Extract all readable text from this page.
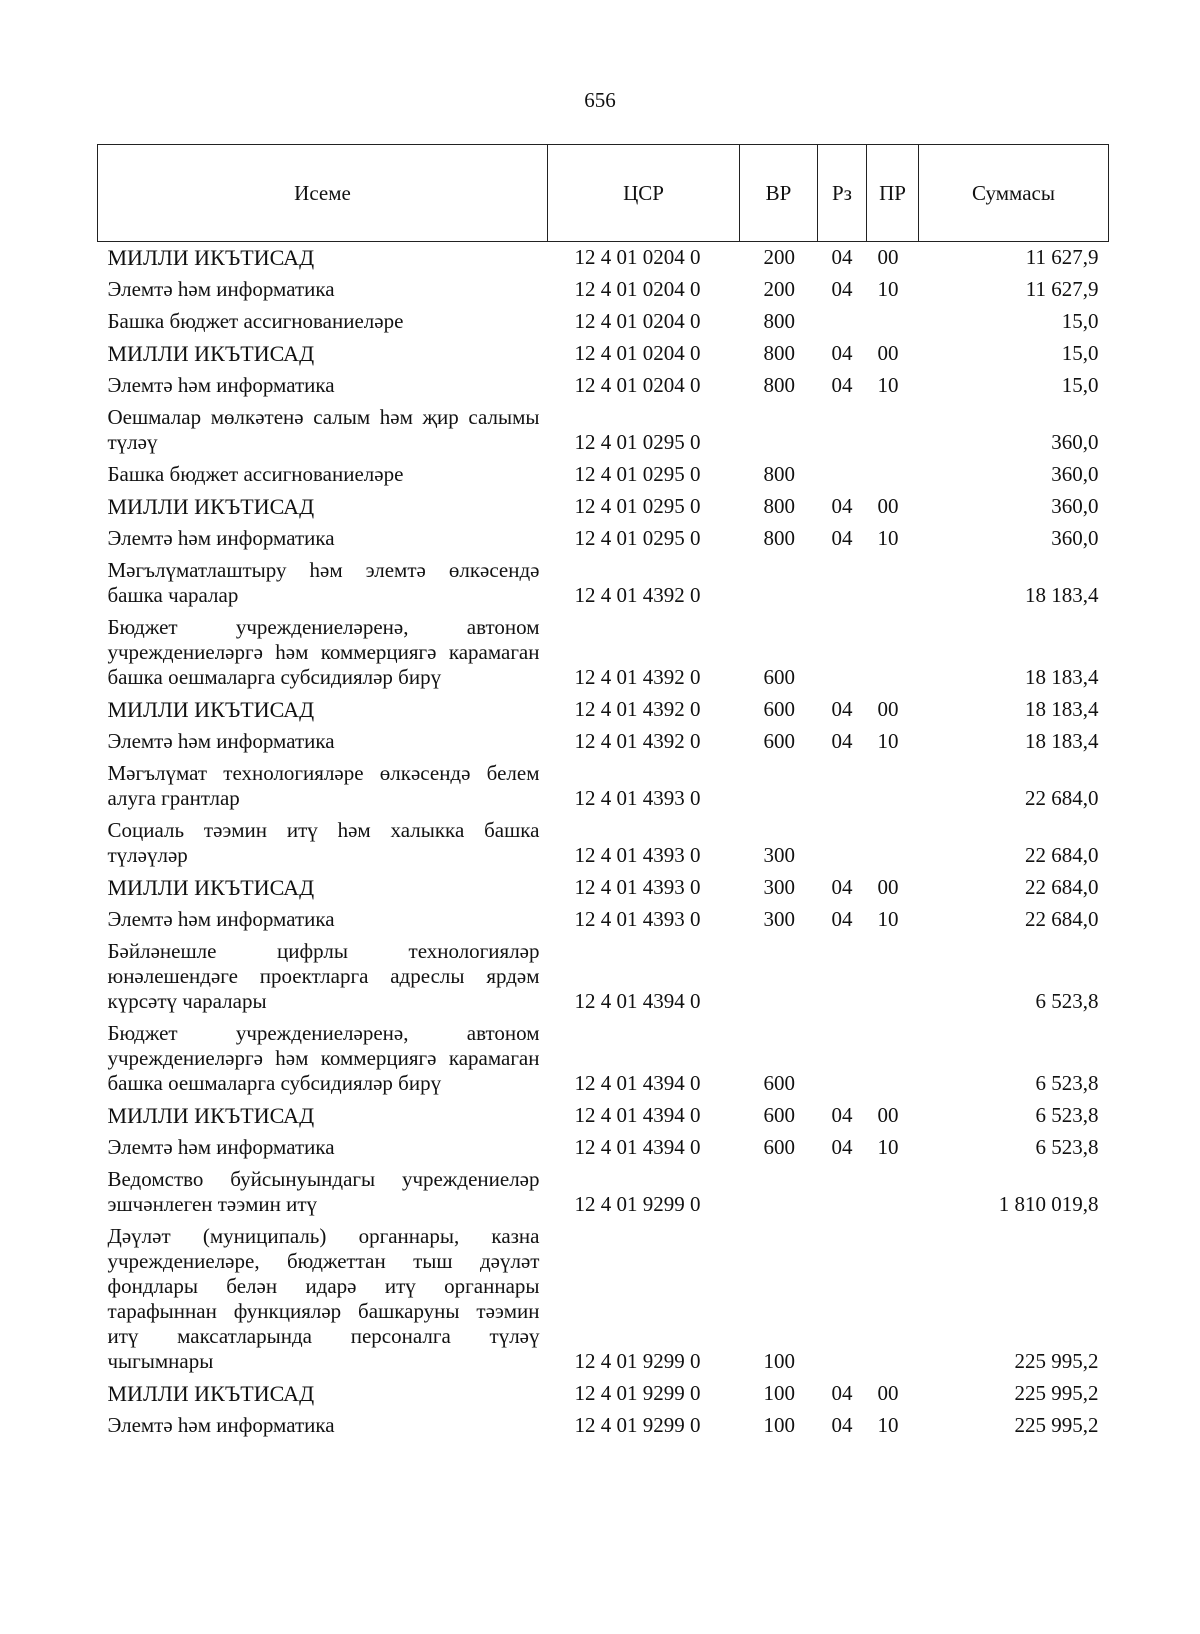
656
Исеме	ЦСР	ВР	Рз	ПР	Суммасы
МИЛЛИ ИКЪТИСАД	12 4 01 0204 0	200	04	00	11 627,9
Элемтә һәм информатика	12 4 01 0204 0	200	04	10	11 627,9
Башка бюджет ассигнованиеләре	12 4 01 0204 0	800			15,0
МИЛЛИ ИКЪТИСАД	12 4 01 0204 0	800	04	00	15,0
Элемтә һәм информатика	12 4 01 0204 0	800	04	10	15,0
Оешмалар мөлкәтенә салым һәм җир салымы түләү	12 4 01 0295 0				360,0
Башка бюджет ассигнованиеләре	12 4 01 0295 0	800			360,0
МИЛЛИ ИКЪТИСАД	12 4 01 0295 0	800	04	00	360,0
Элемтә һәм информатика	12 4 01 0295 0	800	04	10	360,0
Мәгълүматлаштыру һәм элемтә өлкәсендә башка чаралар	12 4 01 4392 0				18 183,4
Бюджет учреждениеләренә, автоном учреждениеләргә һәм коммерциягә карамаган башка оешмаларга субсидияләр бирү	12 4 01 4392 0	600			18 183,4
МИЛЛИ ИКЪТИСАД	12 4 01 4392 0	600	04	00	18 183,4
Элемтә һәм информатика	12 4 01 4392 0	600	04	10	18 183,4
Мәгълүмат технологияләре өлкәсендә белем алуга грантлар	12 4 01 4393 0				22 684,0
Социаль тәэмин итү һәм халыкка башка түләүләр	12 4 01 4393 0	300			22 684,0
МИЛЛИ ИКЪТИСАД	12 4 01 4393 0	300	04	00	22 684,0
Элемтә һәм информатика	12 4 01 4393 0	300	04	10	22 684,0
Бәйләнешле цифрлы технологияләр юнәлешендәге проектларга адреслы ярдәм күрсәтү чаралары	12 4 01 4394 0				6 523,8
Бюджет учреждениеләренә, автоном учреждениеләргә һәм коммерциягә карамаган башка оешмаларга субсидияләр бирү	12 4 01 4394 0	600			6 523,8
МИЛЛИ ИКЪТИСАД	12 4 01 4394 0	600	04	00	6 523,8
Элемтә һәм информатика	12 4 01 4394 0	600	04	10	6 523,8
Ведомство буйсынуындагы учреждениеләр эшчәнлеген тәэмин итү	12 4 01 9299 0				1 810 019,8
Дәүләт (муниципаль) органнары, казна учреждениеләре, бюджеттан тыш дәүләт фондлары белән идарә итү органнары тарафыннан функцияләр башкаруны тәэмин итү максатларында персоналга түләү чыгымнары	12 4 01 9299 0	100			225 995,2
МИЛЛИ ИКЪТИСАД	12 4 01 9299 0	100	04	00	225 995,2
Элемтә һәм информатика	12 4 01 9299 0	100	04	10	225 995,2
